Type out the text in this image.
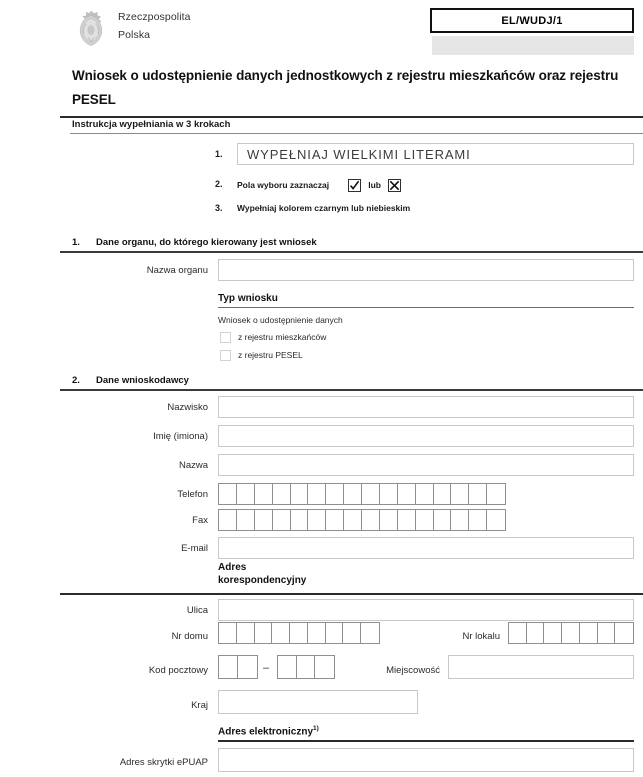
Rzeczpospolita
Polska
EL/WUDJ/1
Wniosek o udostępnienie danych jednostkowych z rejestru mieszkańców oraz rejestru PESEL
Instrukcja wypełniania w 3 krokach
1.	WYPEŁNIAJ WIELKIMI LITERAMI
2.	Pola wyboru zaznaczaj	lub
3.	Wypełniaj kolorem czarnym lub niebieskim
1. Dane organu, do którego kierowany jest wniosek
Nazwa organu
Typ wniosku
Wniosek o udostępnienie danych
z rejestru mieszkańców
z rejestru PESEL
2. Dane wnioskodawcy
Nazwisko
Imię (imiona)
Nazwa
Telefon
Fax
E-mail
Adres
korespondencyjny
Ulica
Nr domu	Nr lokalu
Kod pocztowy	–	Miejscowość
Kraj
Adres elektroniczny$^{1)}$
Adres skrytki ePUAP
